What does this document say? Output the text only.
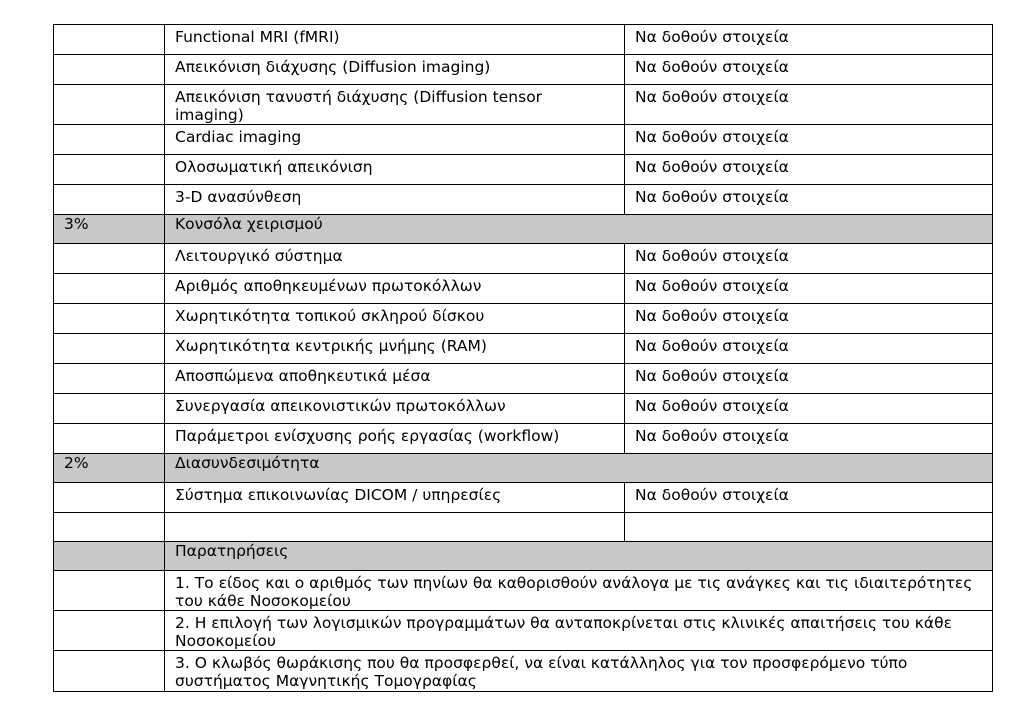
	Functional MRI (fMRI)	Να δοθούν στοιχεία

	Απεικόνιση διάχυσης (Diffusion imaging)	Να δοθούν στοιχεία

	Απεικόνιση τανυστή διάχυσης (Diffusion tensor imaging)	Να δοθούν στοιχεία

	Cardiac imaging	Να δοθούν στοιχεία

	Ολοσωματική απεικόνιση	Να δοθούν στοιχεία

	3-D ανασύνθεση	Να δοθούν στοιχεία

3%	Κονσόλα χειρισμού	

	Λειτουργικό σύστημα	Να δοθούν στοιχεία

	Αριθμός αποθηκευμένων πρωτοκόλλων	Να δοθούν στοιχεία

	Χωρητικότητα τοπικού σκληρού δίσκου	Να δοθούν στοιχεία

	Χωρητικότητα κεντρικής μνήμης (RAM)	Να δοθούν στοιχεία

	Αποσπώμενα αποθηκευτικά μέσα	Να δοθούν στοιχεία

	Συνεργασία απεικονιστικών πρωτοκόλλων	Να δοθούν στοιχεία

	Παράμετροι ενίσχυσης ροής εργασίας (workflow)	Να δοθούν στοιχεία

2%	Διασυνδεσιμότητα	

	Σύστημα επικοινωνίας DICOM / υπηρεσίες	Να δοθούν στοιχεία

	Παρατηρήσεις	

	1. Το είδος και ο αριθμός των πηνίων θα καθορισθούν ανάλογα με τις ανάγκες και τις ιδιαιτερότητες του κάθε Νοσοκομείου	

	2. Η επιλογή των λογισμικών προγραμμάτων θα ανταποκρίνεται στις κλινικές απαιτήσεις του κάθε Νοσοκομείου	

	3. Ο κλωβός θωράκισης που θα προσφερθεί, να είναι κατάλληλος για τον προσφερόμενο τύπο συστήματος Μαγνητικής Τομογραφίας	
